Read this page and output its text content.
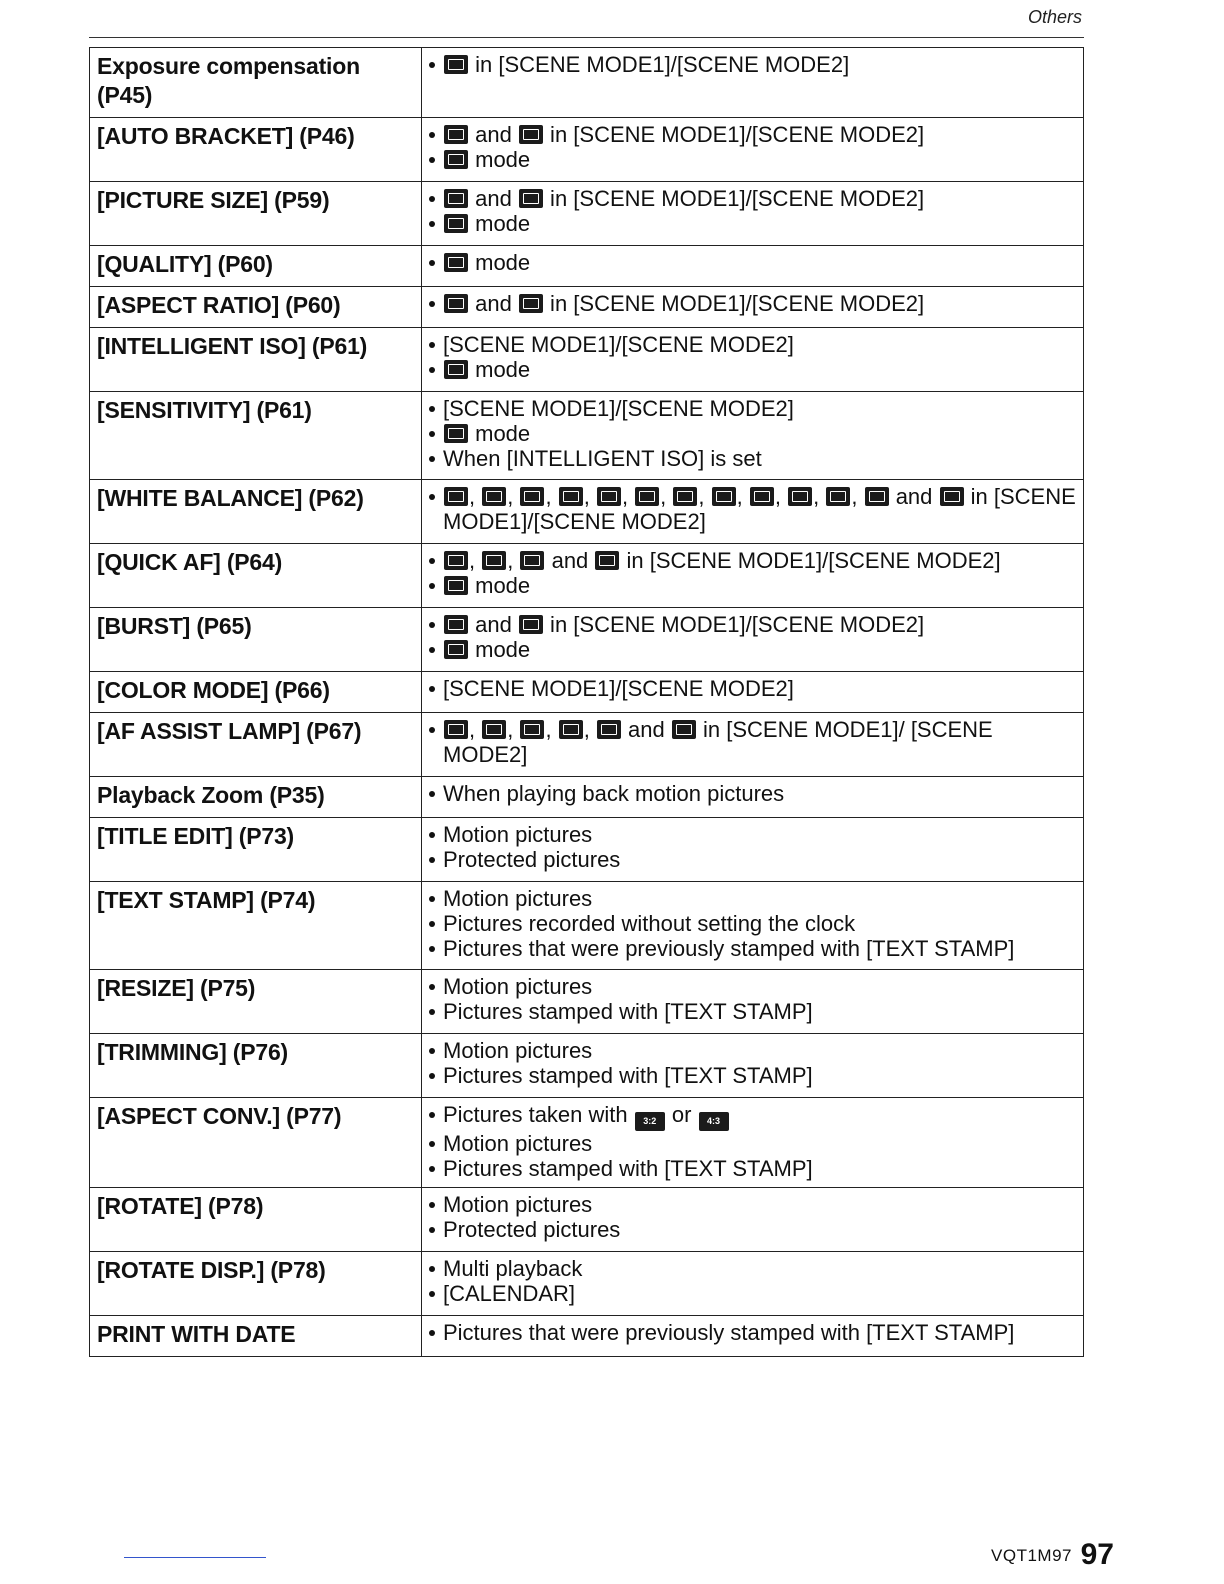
Others
Exposure compensation (P45)	in [SCENE MODE1]/[SCENE MODE2]

[AUTO BRACKET] (P46)	and  in [SCENE MODE1]/[SCENE MODE2]
mode

[PICTURE SIZE] (P59)	and  in [SCENE MODE1]/[SCENE MODE2]
mode

[QUALITY] (P60)	mode

[ASPECT RATIO] (P60)	and  in [SCENE MODE1]/[SCENE MODE2]

[INTELLIGENT ISO] (P61)	[SCENE MODE1]/[SCENE MODE2]
mode

[SENSITIVITY] (P61)	[SCENE MODE1]/[SCENE MODE2]
mode
When [INTELLIGENT ISO] is set

[WHITE BALANCE] (P62)	, , , , , , , , , , ,  and  in [SCENE MODE1]/[SCENE MODE2]

[QUICK AF] (P64)	, ,  and  in [SCENE MODE1]/[SCENE MODE2]
mode

[BURST] (P65)	and  in [SCENE MODE1]/[SCENE MODE2]
mode

[COLOR MODE] (P66)	[SCENE MODE1]/[SCENE MODE2]

[AF ASSIST LAMP] (P67)	, , , ,  and  in [SCENE MODE1]/ [SCENE MODE2]

Playback Zoom (P35)	When playing back motion pictures

[TITLE EDIT] (P73)	Motion pictures
Protected pictures

[TEXT STAMP] (P74)	Motion pictures
Pictures recorded without setting the clock
Pictures that were previously stamped with [TEXT STAMP]

[RESIZE] (P75)	Motion pictures
Pictures stamped with [TEXT STAMP]

[TRIMMING] (P76)	Motion pictures
Pictures stamped with [TEXT STAMP]

[ASPECT CONV.] (P77)	Pictures taken with 3:2 or 4:3
Motion pictures
Pictures stamped with [TEXT STAMP]

[ROTATE] (P78)	Motion pictures
Protected pictures

[ROTATE DISP.] (P78)	Multi playback
[CALENDAR]

PRINT WITH DATE	Pictures that were previously stamped with [TEXT STAMP]
VQT1M97 97
